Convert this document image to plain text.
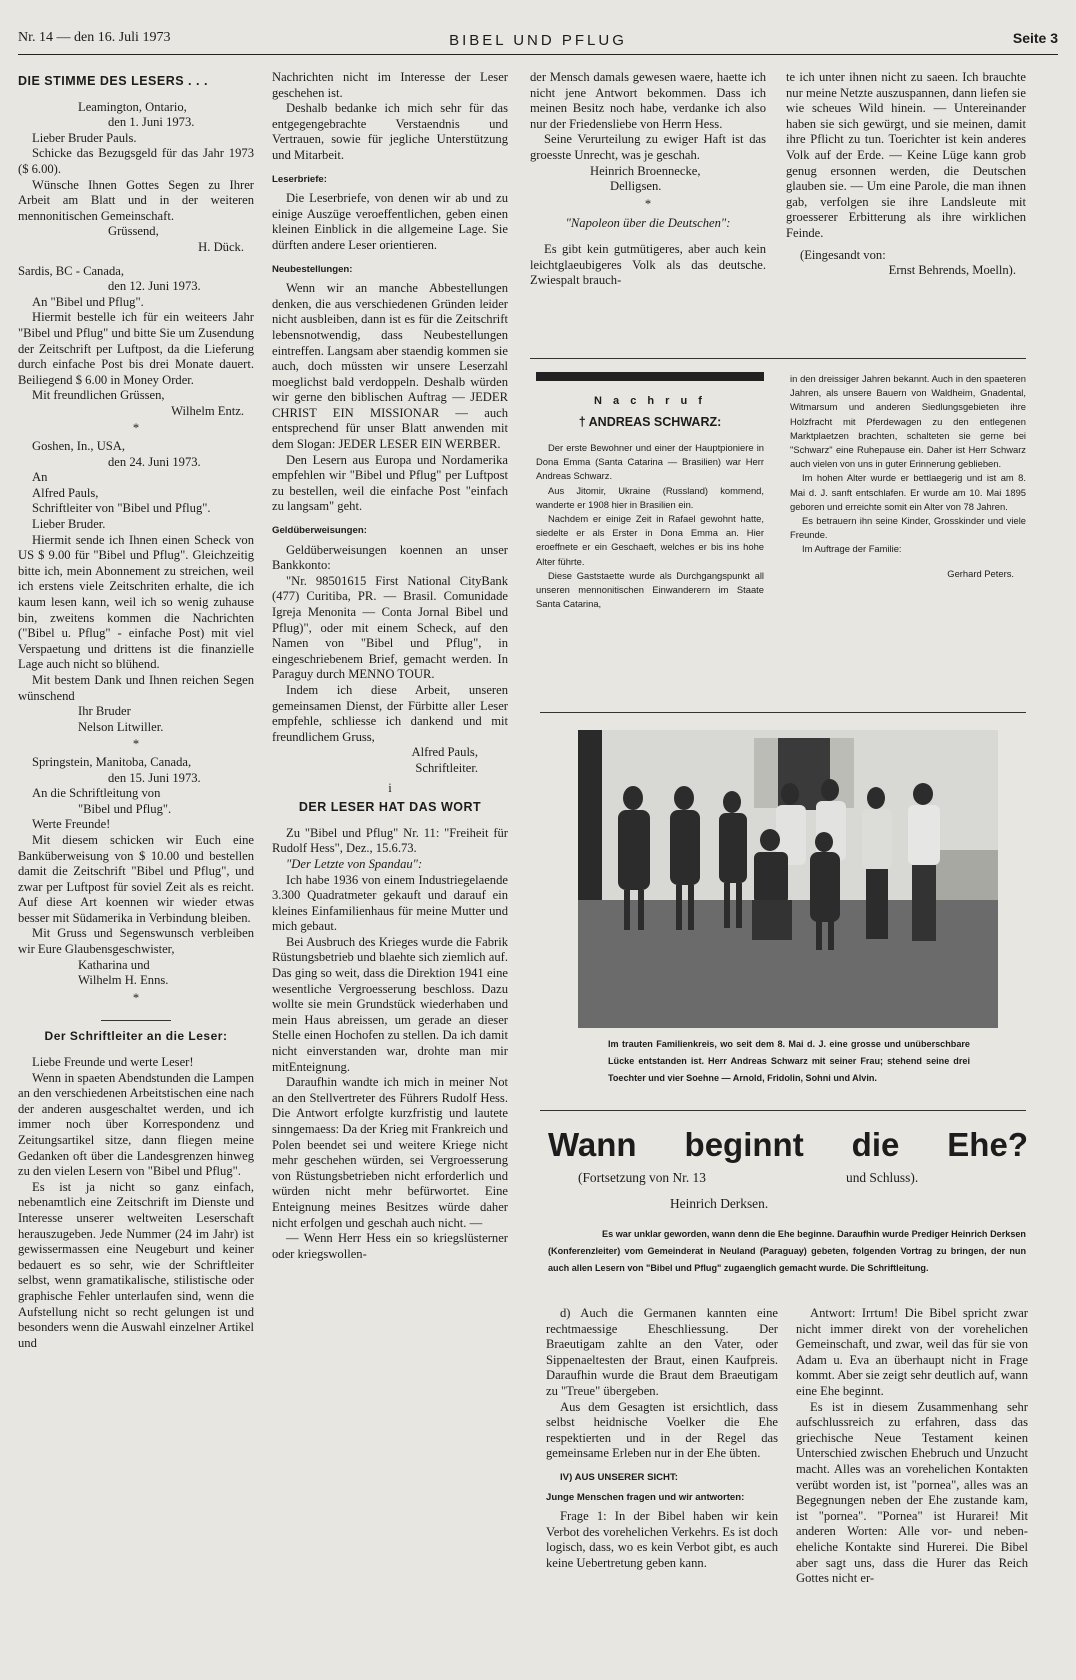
Nr. 14 — den 16. Juli 1973	BIBEL UND PFLUG	Seite 3
DIE STIMME DES LESERS . . .

Leamington, Ontario,

den 1. Juni 1973.

Lieber Bruder Pauls.

Schicke das Bezugsgeld für das Jahr 1973 ($ 6.00).

Wünsche Ihnen Gottes Segen zu Ihrer Arbeit am Blatt und in der weiteren mennonitischen Gemeinschaft.

Grüssend,

H. Dück.

Sardis, BC - Canada,

den 12. Juni 1973.

An "Bibel und Pflug".

Hiermit bestelle ich für ein weiteers Jahr "Bibel und Pflug" und bitte Sie um Zusendung der Zeitschrift per Luftpost, da die Lieferung durch einfache Post bis drei Monate dauert. Beiliegend $ 6.00 in Money Order.

Mit freundlichen Grüssen,

Wilhelm Entz.

*

Goshen, In., USA,

den 24. Juni 1973.

An

Alfred Pauls,

Schriftleiter von "Bibel und Pflug".

Lieber Bruder.

Hiermit sende ich Ihnen einen Scheck von US $ 9.00 für "Bibel und Pflug". Gleichzeitig bitte ich, mein Abonnement zu streichen, weil ich erstens viele Zeitschriten erhalte, die ich kaum lesen kann, weil ich so wenig zuhause bin, zweitens kommen die Nachrichten ("Bibel u. Pflug" - einfache Post) mit viel Verspaetung und drittens ist die finanzielle Lage auch nicht so blühend.

Mit bestem Dank und Ihnen reichen Segen wünschend

Ihr Bruder

Nelson Litwiller.

*

Springstein, Manitoba, Canada,

den 15. Juni 1973.

An die Schriftleitung von

"Bibel und Pflug".

Werte Freunde!

Mit diesem schicken wir Euch eine Banküberweisung von $ 10.00 und bestellen damit die Zeitschrift "Bibel und Pflug", und zwar per Luftpost für soviel Zeit als es reicht. Auf diese Art koennen wir wieder etwas besser mit Südamerika in Verbindung bleiben.

Mit Gruss und Segenswunsch verbleiben wir Eure Glaubensgeschwister,

Katharina und

Wilhelm H. Enns.

*
Der Schriftleiter an die Leser:

Liebe Freunde und werte Leser!

Wenn in spaeten Abendstunden die Lampen an den verschiedenen Arbeitstischen eine nach der anderen ausgeschaltet werden, und ich immer noch über Korrespondenz und Zeitungsartikel sitze, dann fliegen meine Gedanken oft über die Landesgrenzen hinweg zu den vielen Lesern von "Bibel und Pflug".

Es ist ja nicht so ganz einfach, nebenamtlich eine Zeitschrift im Dienste und Interesse unserer weltweiten Leserschaft herauszugeben. Jede Nummer (24 im Jahr) ist gewissermassen eine Neugeburt und keiner bedauert es so sehr, wie der Schriftleiter selbst, wenn gramatikalische, stilistische oder graphische Fehler unterlaufen sind, wenn die Aufstellung nicht so recht gelungen ist und besonders wenn die Auswahl einzelner Artikel und

Nachrichten nicht im Interesse der Leser geschehen ist.

Deshalb bedanke ich mich sehr für das entgegengebrachte Verstaendnis und Vertrauen, sowie für jegliche Unterstützung und Mitarbeit.

Leserbriefe:

Die Leserbriefe, von denen wir ab und zu einige Auszüge veroeffentlichen, geben einen kleinen Einblick in die allgemeine Lage. Sie dürften andere Leser orientieren.

Neubestellungen:

Wenn wir an manche Abbestellungen denken, die aus verschiedenen Gründen leider nicht ausbleiben, dann ist es für die Zeitschrift lebensnotwendig, dass Neubestellungen eintreffen. Langsam aber staendig kommen sie auch, doch müssten wir unsere Leserzahl moeglichst bald verdoppeln. Deshalb würden wir gerne den biblischen Auftrag — JEDER CHRIST EIN MISSIONAR — auch entsprechend für unser Blatt anwenden mit dem Slogan: JEDER LESER EIN WERBER.

Den Lesern aus Europa und Nordamerika empfehlen wir "Bibel und Pflug" per Luftpost zu bestellen, weil die einfache Post "einfach zu langsam" geht.

Geldüberweisungen:

Geldüberweisungen koennen an unser Bankkonto:

"Nr. 98501615 First National CityBank (477) Curitiba, PR. — Brasil. Comunidade Igreja Menonita — Conta Jornal Bibel und Pflug)", oder mit einem Scheck, auf den Namen von "Bibel und Pflug", in eingeschriebenem Brief, gemacht werden. In Paraguy durch MENNO TOUR.

Indem ich diese Arbeit, unseren gemeinsamen Dienst, der Fürbitte aller Leser empfehle, schliesse ich dankend und mit freundlichem Gruss,

Alfred Pauls,

Schriftleiter.

i

DER LESER HAT DAS WORT

Zu "Bibel und Pflug" Nr. 11: "Freiheit für Rudolf Hess", Dez., 15.6.73.

"Der Letzte von Spandau":

Ich habe 1936 von einem Industriegelaende 3.300 Quadratmeter gekauft und darauf ein kleines Einfamilienhaus für meine Mutter und mich gebaut.

Bei Ausbruch des Krieges wurde die Fabrik Rüstungsbetrieb und blaehte sich ziemlich auf. Das ging so weit, dass die Direktion 1941 eine wesentliche Vergroesserung beschloss. Dazu wollte sie mein Grundstück wiederhaben und mein Haus abreissen, um gerade an dieser Stelle einen Hochofen zu stellen. Da ich damit nicht einverstanden war, drohte man mir mitEnteignung.

Daraufhin wandte ich mich in meiner Not an den Stellvertreter des Führers Rudolf Hess. Die Antwort erfolgte kurzfristig und lautete sinngemaess: Da der Krieg mit Frankreich und Polen beendet sei und weitere Kriege nicht mehr geschehen würden, sei Vergroesserung von Rüstungsbetrieben nicht erforderlich und würden nicht mehr befürwortet. Eine Enteignung meines Besitzes würde daher nicht erfolgen und geschah auch nicht. —

— Wenn Herr Hess ein so kriegslüsterner oder kriegswollen-

der Mensch damals gewesen waere, haette ich nicht jene Antwort bekommen. Dass ich meinen Besitz noch habe, verdanke ich also nur der Friedensliebe von Herrn Hess.

Seine Verurteilung zu ewiger Haft ist das groesste Unrecht, was je geschah.

Heinrich Broennecke,

Delligsen.

*

"Napoleon über die Deutschen":

Es gibt kein gutmütigeres, aber auch kein leichtglaeubigeres Volk als das deutsche. Zwiespalt brauch-

te ich unter ihnen nicht zu saeen. Ich brauchte nur meine Netzte auszuspannen, dann liefen sie wie scheues Wild hinein. — Untereinander haben sie sich gewürgt, und sie meinen, damit ihre Pflicht zu tun. Toerichter ist kein anderes Volk auf der Erde. — Keine Lüge kann grob genug ersonnen werden, die Deutschen glauben sie. — Um eine Parole, die man ihnen gab, verfolgen sie ihre Landsleute mit groesserer Erbitterung als ihre wirklichen Feinde.

(Eingesandt von:

Ernst Behrends, Moelln).

N a c h r u f
† ANDREAS SCHWARZ:

Der erste Bewohner und einer der Hauptpioniere in Dona Emma (Santa Catarina — Brasilien) war Herr Andreas Schwarz.

Aus Jitomir, Ukraine (Russland) kommend, wanderte er 1908 hier in Brasilien ein.

Nachdem er einige Zeit in Rafael gewohnt hatte, siedelte er als Erster in Dona Emma an. Hier eroeffnete er ein Geschaeft, welches er bis ins hohe Alter führte.

Diese Gaststaette wurde als Durchgangspunkt all unseren mennonitischen Einwanderern im Staate Santa Catarina,

in den dreissiger Jahren bekannt. Auch in den spaeteren Jahren, als unsere Bauern von Waldheim, Gnadental, Witmarsum und anderen Siedlungsgebieten ihre Holzfracht mit Pferdewagen zu den entlegenen Marktplaetzen brachten, schalteten sie gerne bei "Schwarz" eine Ruhepause ein. Daher ist Herr Schwarz auch vielen von uns in guter Erinnerung geblieben.

Im hohen Alter wurde er bettlaegerig und ist am 8. Mai d. J. sanft entschlafen. Er wurde am 10. Mai 1895 geboren und erreichte somit ein Alter von 78 Jahren.

Es betrauern ihn seine Kinder, Grosskinder und viele Freunde.

Im Auftrage der Familie:

Gerhard Peters.

Im trauten Familienkreis, wo seit dem 8. Mai d. J. eine grosse und unüberschbare Lücke entstanden ist. Herr Andreas Schwarz mit seiner Frau; stehend seine drei Toechter und vier Soehne — Arnold, Fridolin, Sohni und Alvin.
Wann beginnt die Ehe?
(Fortsetzung von Nr. 13	und Schluss).
Heinrich Derksen.
Es war unklar geworden, wann denn die Ehe beginne. Daraufhin wurde Prediger Heinrich Derksen (Konferenzleiter) vom Gemeinderat in Neuland (Paraguay) gebeten, folgenden Vortrag zu bringen, der nun auch allen Lesern von "Bibel und Pflug" zugaenglich gemacht wurde. Die Schriftleitung.

d) Auch die Germanen kannten eine rechtmaessige Eheschliessung. Der Braeutigam zahlte an den Vater, oder Sippenaeltesten der Braut, einen Kaufpreis. Daraufhin wurde die Braut dem Braeutigam zu "Treue" übergeben.

Aus dem Gesagten ist ersichtlich, dass selbst heidnische Voelker die Ehe respektierten und in der Regel das gemeinsame Erleben nur in der Ehe übten.

IV) AUS UNSERER SICHT:
Junge Menschen fragen und wir antworten:

Frage 1: In der Bibel haben wir kein Verbot des vorehelichen Verkehrs. Es ist doch logisch, dass, wo es kein Verbot gibt, es auch keine Uebertretung geben kann.

Antwort: Irrtum! Die Bibel spricht zwar nicht immer direkt von der vorehelichen Gemeinschaft, und zwar, weil das für sie von Adam u. Eva an überhaupt nicht in Frage kommt. Aber sie zeigt sehr deutlich auf, wann eine Ehe beginnt.

Es ist in diesem Zusammenhang sehr aufschlussreich zu erfahren, dass das griechische Neue Testament keinen Unterschied zwischen Ehebruch und Unzucht macht. Alles was an vorehelichen Kontakten verübt worden ist, ist "pornea", alles was an Begegnungen neben der Ehe zustande kam, ist "pornea". "Pornea" ist Hurarei! Mit anderen Worten: Alle vor- und neben-eheliche Kontakte sind Hurerei. Die Bibel aber sagt uns, dass die Hurer das Reich Gottes nicht er-
